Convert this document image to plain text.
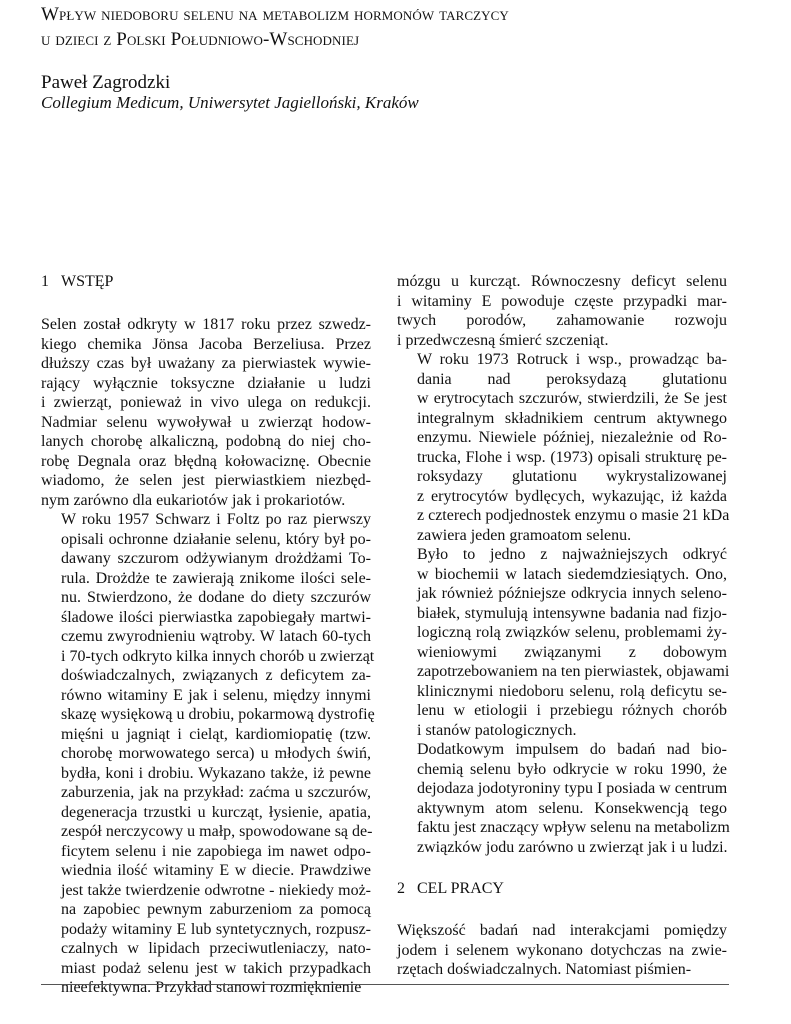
Wpływ niedoboru selenu na metabolizm hormonów tarczycy
u dzieci z Polski Południowo-Wschodniej

Paweł Zagrodzki

Collegium Medicum, Uniwersytet Jagielloński, Kraków

1 WSTĘP
Selen został odkryty w 1817 roku przez szwedz-
kiego chemika Jönsa Jacoba Berzeliusa. Przez
dłuższy czas był uważany za pierwiastek wywie-
rający wyłącznie toksyczne działanie u ludzi
i zwierząt, ponieważ in vivo ulega on redukcji.
Nadmiar selenu wywoływał u zwierząt hodow-
lanych chorobę alkaliczną, podobną do niej cho-
robę Degnala oraz błędną kołowaciznę. Obecnie
wiadomo, że selen jest pierwiastkiem niezbęd-
nym zarówno dla eukariotów jak i prokariotów.
W roku 1957 Schwarz i Foltz po raz pierwszy
opisali ochronne działanie selenu, który był po-
dawany szczurom odżywianym drożdżami To-
rula. Drożdże te zawierają znikome ilości sele-
nu. Stwierdzono, że dodane do diety szczurów
śladowe ilości pierwiastka zapobiegały martwi-
czemu zwyrodnieniu wątroby. W latach 60-tych
i 70-tych odkryto kilka innych chorób u zwierząt
doświadczalnych, związanych z deficytem za-
równo witaminy E jak i selenu, między innymi
skazę wysiękową u drobiu, pokarmową dystrofię
mięśni u jagniąt i cieląt, kardiomiopatię (tzw.
chorobę morwowatego serca) u młodych świń,
bydła, koni i drobiu. Wykazano także, iż pewne
zaburzenia, jak na przykład: zaćma u szczurów,
degeneracja trzustki u kurcząt, łysienie, apatia,
zespół nerczycowy u małp, spowodowane są de-
ficytem selenu i nie zapobiega im nawet odpo-
wiednia ilość witaminy E w diecie. Prawdziwe
jest także twierdzenie odwrotne - niekiedy moż-
na zapobiec pewnym zaburzeniom za pomocą
podaży witaminy E lub syntetycznych, rozpusz-
czalnych w lipidach przeciwutleniaczy, nato-
miast podaż selenu jest w takich przypadkach
nieefektywna. Przykład stanowi rozmięknienie
mózgu u kurcząt. Równoczesny deficyt selenu
i witaminy E powoduje częste przypadki mar-
twych porodów, zahamowanie rozwoju
i przedwczesną śmierć szczeniąt.
W roku 1973 Rotruck i wsp., prowadząc ba-
dania nad peroksydazą glutationu
w erytrocytach szczurów, stwierdzili, że Se jest
integralnym składnikiem centrum aktywnego
enzymu. Niewiele później, niezależnie od Ro-
trucka, Flohe i wsp. (1973) opisali strukturę pe-
roksydazy glutationu wykrystalizowanej
z erytrocytów bydlęcych, wykazując, iż każda
z czterech podjednostek enzymu o masie 21 kDa
zawiera jeden gramoatom selenu.
Było to jedno z najważniejszych odkryć
w biochemii w latach siedemdziesiątych. Ono,
jak również późniejsze odkrycia innych seleno-
białek, stymulują intensywne badania nad fizjo-
logiczną rolą związków selenu, problemami ży-
wieniowymi związanymi z dobowym
zapotrzebowaniem na ten pierwiastek, objawami
klinicznymi niedoboru selenu, rolą deficytu se-
lenu w etiologii i przebiegu różnych chorób
i stanów patologicznych.
Dodatkowym impulsem do badań nad bio-
chemią selenu było odkrycie w roku 1990, że
dejodaza jodotyroniny typu I posiada w centrum
aktywnym atom selenu. Konsekwencją tego
faktu jest znaczący wpływ selenu na metabolizm
związków jodu zarówno u zwierząt jak i u ludzi.
2 CEL PRACY
Większość badań nad interakcjami pomiędzy
jodem i selenem wykonano dotychczas na zwie-
rzętach doświadczalnych. Natomiast piśmien-
